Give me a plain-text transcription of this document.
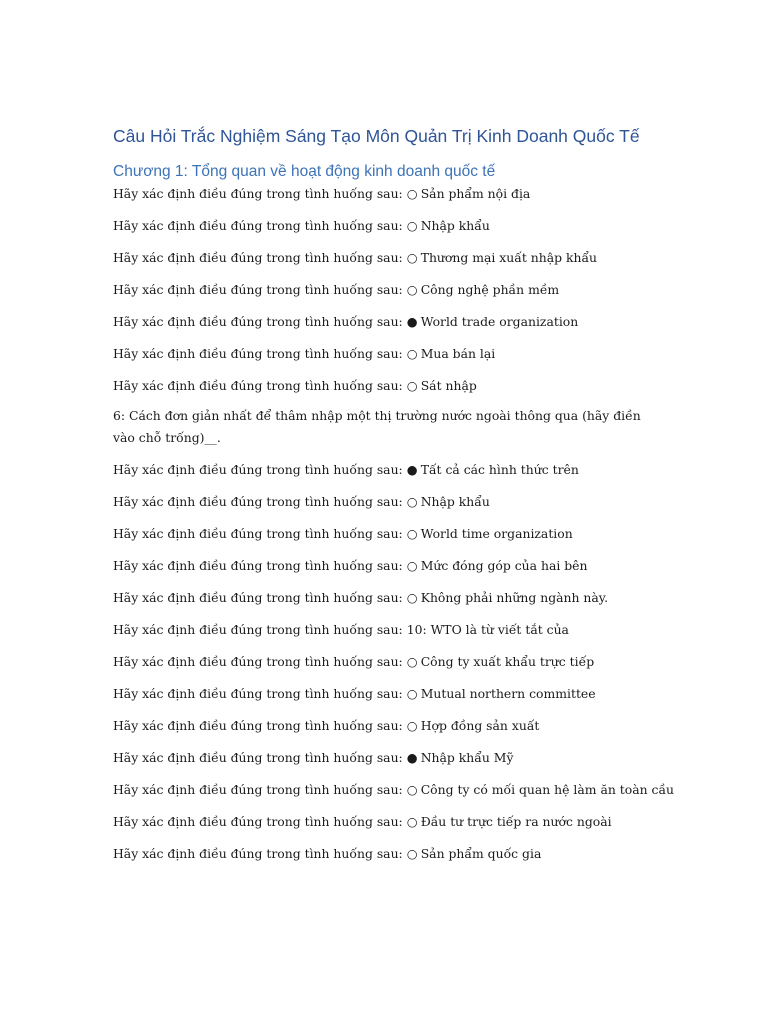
Câu Hỏi Trắc Nghiệm Sáng Tạo Môn Quản Trị Kinh Doanh Quốc Tế
Chương 1: Tổng quan về hoạt động kinh doanh quốc tế
Hãy xác định điều đúng trong tình huống sau: ○ Sản phẩm nội địa
Hãy xác định điều đúng trong tình huống sau: ○ Nhập khẩu
Hãy xác định điều đúng trong tình huống sau: ○ Thương mại xuất nhập khẩu
Hãy xác định điều đúng trong tình huống sau: ○ Công nghệ phần mềm
Hãy xác định điều đúng trong tình huống sau: ● World trade organization
Hãy xác định điều đúng trong tình huống sau: ○ Mua bán lại
Hãy xác định điều đúng trong tình huống sau: ○ Sát nhập
6: Cách đơn giản nhất để thâm nhập một thị trường nước ngoài thông qua (hãy điền vào chỗ trống)__.
Hãy xác định điều đúng trong tình huống sau: ● Tất cả các hình thức trên
Hãy xác định điều đúng trong tình huống sau: ○ Nhập khẩu
Hãy xác định điều đúng trong tình huống sau: ○ World time organization
Hãy xác định điều đúng trong tình huống sau: ○ Mức đóng góp của hai bên
Hãy xác định điều đúng trong tình huống sau: ○ Không phải những ngành này.
Hãy xác định điều đúng trong tình huống sau: 10: WTO là từ viết tắt của
Hãy xác định điều đúng trong tình huống sau: ○ Công ty xuất khẩu trực tiếp
Hãy xác định điều đúng trong tình huống sau: ○ Mutual northern committee
Hãy xác định điều đúng trong tình huống sau: ○ Hợp đồng sản xuất
Hãy xác định điều đúng trong tình huống sau: ● Nhập khẩu Mỹ
Hãy xác định điều đúng trong tình huống sau: ○ Công ty có mối quan hệ làm ăn toàn cầu
Hãy xác định điều đúng trong tình huống sau: ○ Đầu tư trực tiếp ra nước ngoài
Hãy xác định điều đúng trong tình huống sau: ○ Sản phẩm quốc gia
